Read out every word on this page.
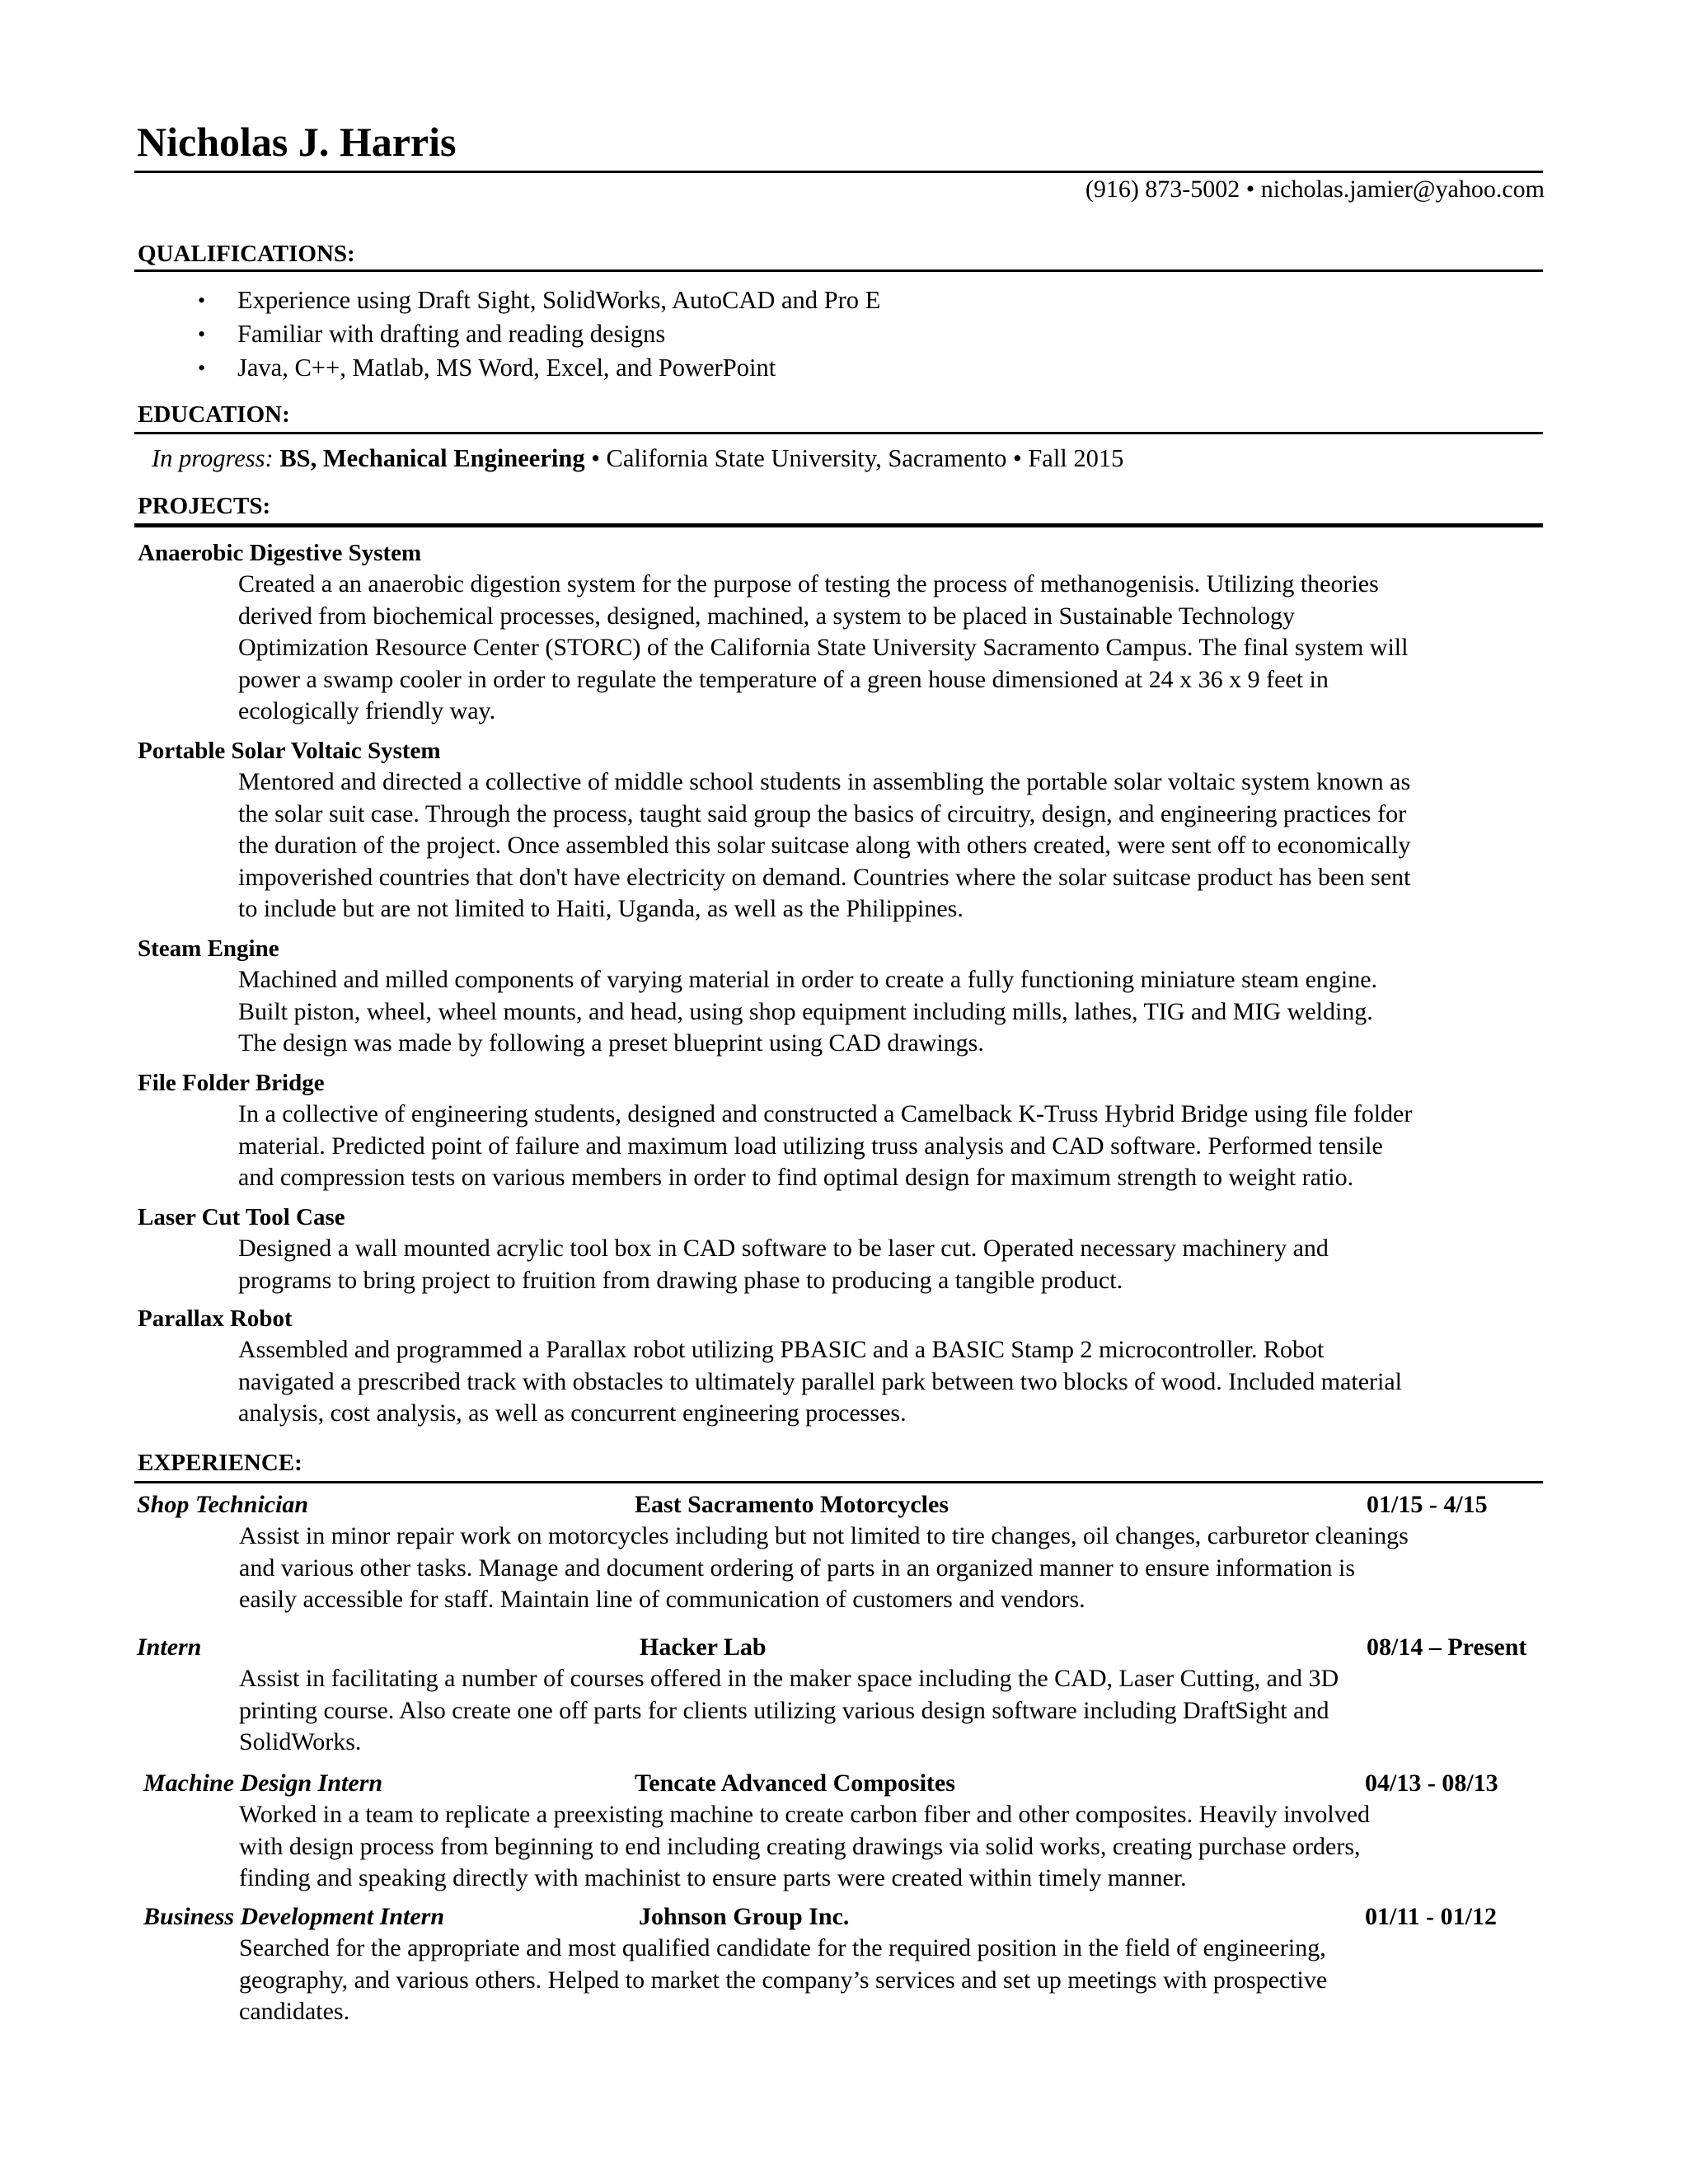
Nicholas J. Harris
(916) 873-5002 • nicholas.jamier@yahoo.com
QUALIFICATIONS:
• Experience using Draft Sight, SolidWorks, AutoCAD and Pro E
• Familiar with drafting and reading designs
• Java, C++, Matlab, MS Word, Excel, and PowerPoint
EDUCATION:
In progress: BS, Mechanical Engineering • California State University, Sacramento • Fall 2015
PROJECTS:
Anaerobic Digestive System
Created a an anaerobic digestion system for the purpose of testing the process of methanogenisis. Utilizing theories
derived from biochemical processes, designed, machined, a system to be placed in Sustainable Technology
Optimization Resource Center (STORC) of the California State University Sacramento Campus. The final system will
power a swamp cooler in order to regulate the temperature of a green house dimensioned at 24 x 36 x 9 feet in
ecologically friendly way.
Portable Solar Voltaic System
Mentored and directed a collective of middle school students in assembling the portable solar voltaic system known as
the solar suit case. Through the process, taught said group the basics of circuitry, design, and engineering practices for
the duration of the project. Once assembled this solar suitcase along with others created, were sent off to economically
impoverished countries that don't have electricity on demand. Countries where the solar suitcase product has been sent
to include but are not limited to Haiti, Uganda, as well as the Philippines.
Steam Engine
Machined and milled components of varying material in order to create a fully functioning miniature steam engine.
Built piston, wheel, wheel mounts, and head, using shop equipment including mills, lathes, TIG and MIG welding.
The design was made by following a preset blueprint using CAD drawings.
File Folder Bridge
In a collective of engineering students, designed and constructed a Camelback K-Truss Hybrid Bridge using file folder
material. Predicted point of failure and maximum load utilizing truss analysis and CAD software. Performed tensile
and compression tests on various members in order to find optimal design for maximum strength to weight ratio.
Laser Cut Tool Case
Designed a wall mounted acrylic tool box in CAD software to be laser cut. Operated necessary machinery and
programs to bring project to fruition from drawing phase to producing a tangible product.
Parallax Robot
Assembled and programmed a Parallax robot utilizing PBASIC and a BASIC Stamp 2 microcontroller. Robot
navigated a prescribed track with obstacles to ultimately parallel park between two blocks of wood. Included material
analysis, cost analysis, as well as concurrent engineering processes.
EXPERIENCE:
Shop Technician	East Sacramento Motorcycles	01/15 - 4/15
Assist in minor repair work on motorcycles including but not limited to tire changes, oil changes, carburetor cleanings
and various other tasks. Manage and document ordering of parts in an organized manner to ensure information is
easily accessible for staff. Maintain line of communication of customers and vendors.
Intern	Hacker Lab	08/14 – Present
Assist in facilitating a number of courses offered in the maker space including the CAD, Laser Cutting, and 3D
printing course. Also create one off parts for clients utilizing various design software including DraftSight and
SolidWorks.
Machine Design Intern	Tencate Advanced Composites	04/13 - 08/13
Worked in a team to replicate a preexisting machine to create carbon fiber and other composites. Heavily involved
with design process from beginning to end including creating drawings via solid works, creating purchase orders,
finding and speaking directly with machinist to ensure parts were created within timely manner.
Business Development Intern	Johnson Group Inc.	01/11 - 01/12
Searched for the appropriate and most qualified candidate for the required position in the field of engineering,
geography, and various others. Helped to market the company’s services and set up meetings with prospective
candidates.
